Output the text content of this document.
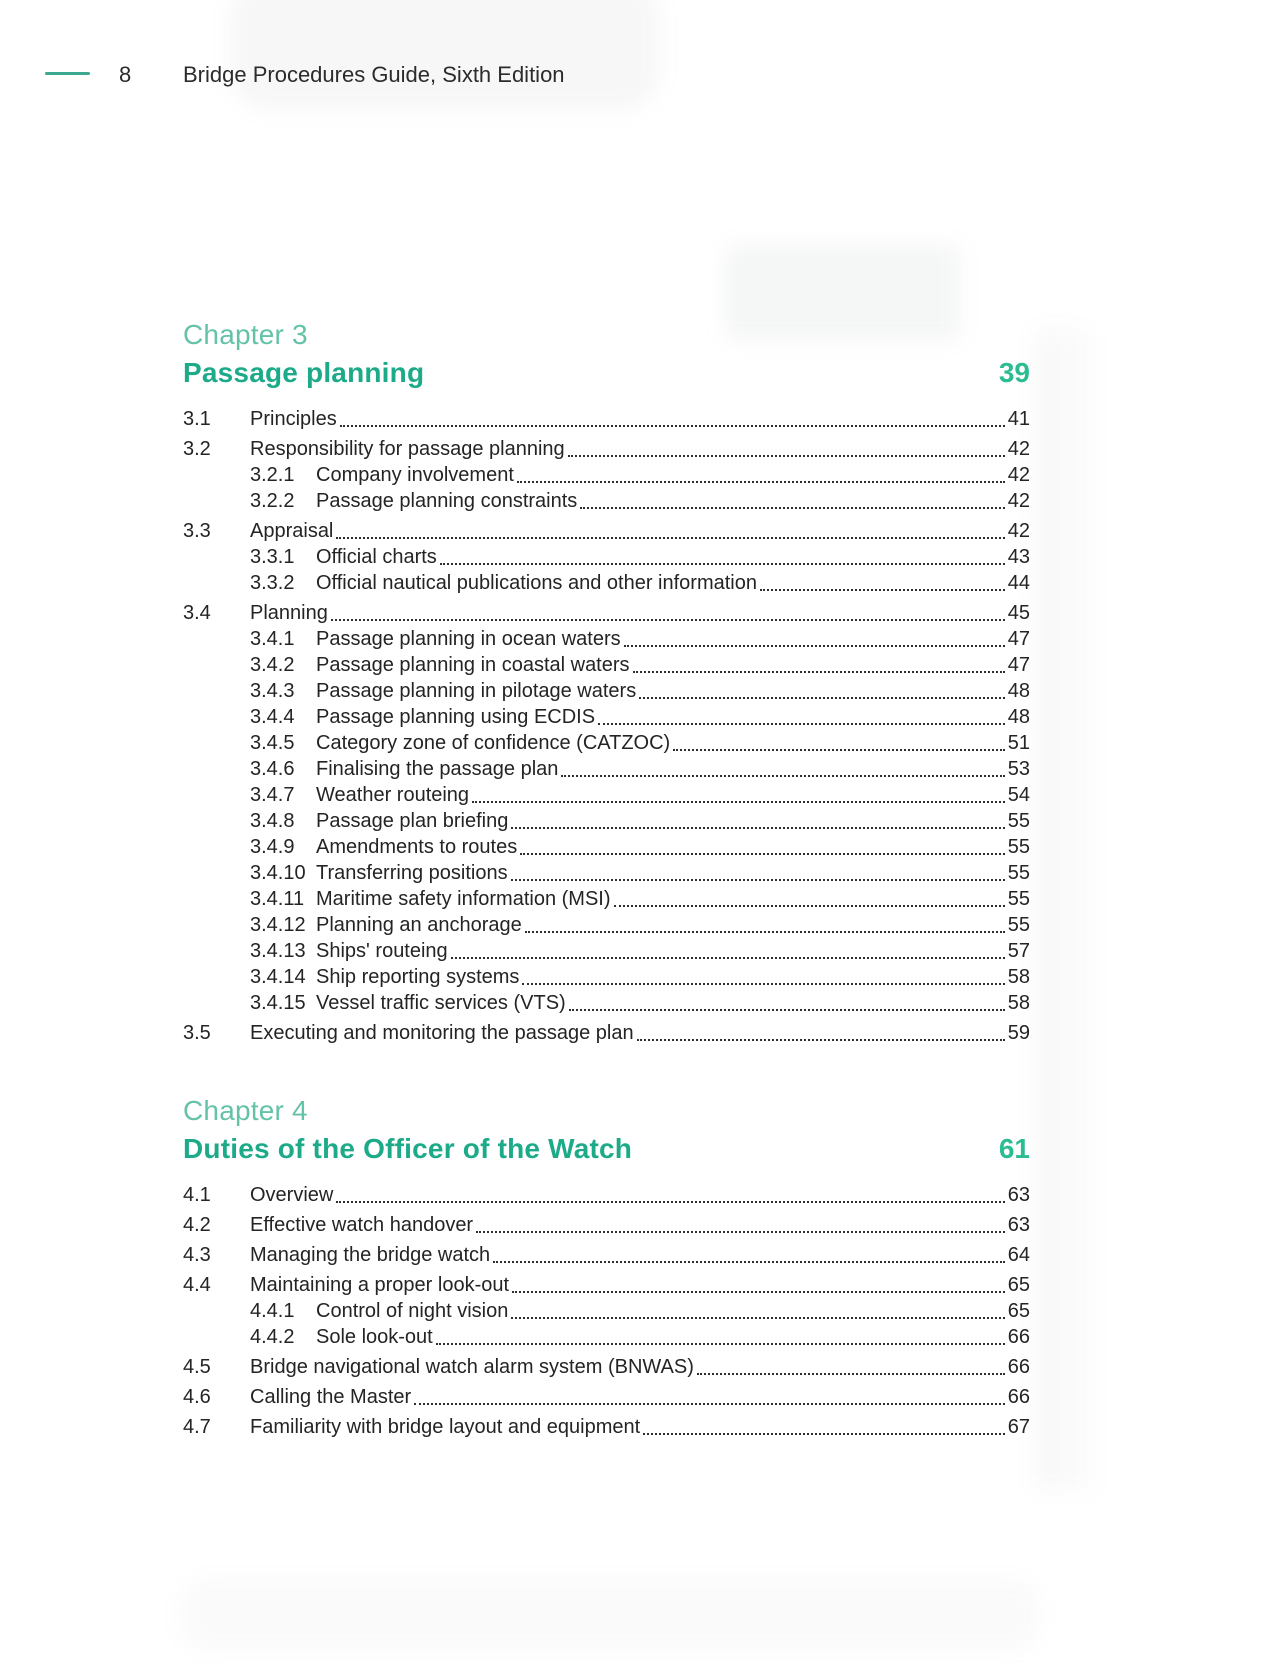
8 Bridge Procedures Guide, Sixth Edition
Chapter 3
Passage planning	39
3.1	Principles	41
3.2	Responsibility for passage planning	42
3.2.1	Company involvement	42
3.2.2	Passage planning constraints	42
3.3	Appraisal	42
3.3.1	Official charts	43
3.3.2	Official nautical publications and other information	44
3.4	Planning	45
3.4.1	Passage planning in ocean waters	47
3.4.2	Passage planning in coastal waters	47
3.4.3	Passage planning in pilotage waters	48
3.4.4	Passage planning using ECDIS	48
3.4.5	Category zone of confidence (CATZOC)	51
3.4.6	Finalising the passage plan	53
3.4.7	Weather routeing	54
3.4.8	Passage plan briefing	55
3.4.9	Amendments to routes	55
3.4.10 Transferring positions	55
3.4.11 Maritime safety information (MSI)	55
3.4.12 Planning an anchorage	55
3.4.13 Ships' routeing	57
3.4.14 Ship reporting systems	58
3.4.15 Vessel traffic services (VTS)	58
3.5	Executing and monitoring the passage plan	59
Chapter 4
Duties of the Officer of the Watch	61
4.1	Overview	63
4.2	Effective watch handover	63
4.3	Managing the bridge watch	64
4.4	Maintaining a proper look-out	65
4.4.1	Control of night vision	65
4.4.2	Sole look-out	66
4.5	Bridge navigational watch alarm system (BNWAS)	66
4.6	Calling the Master	66
4.7	Familiarity with bridge layout and equipment	67
